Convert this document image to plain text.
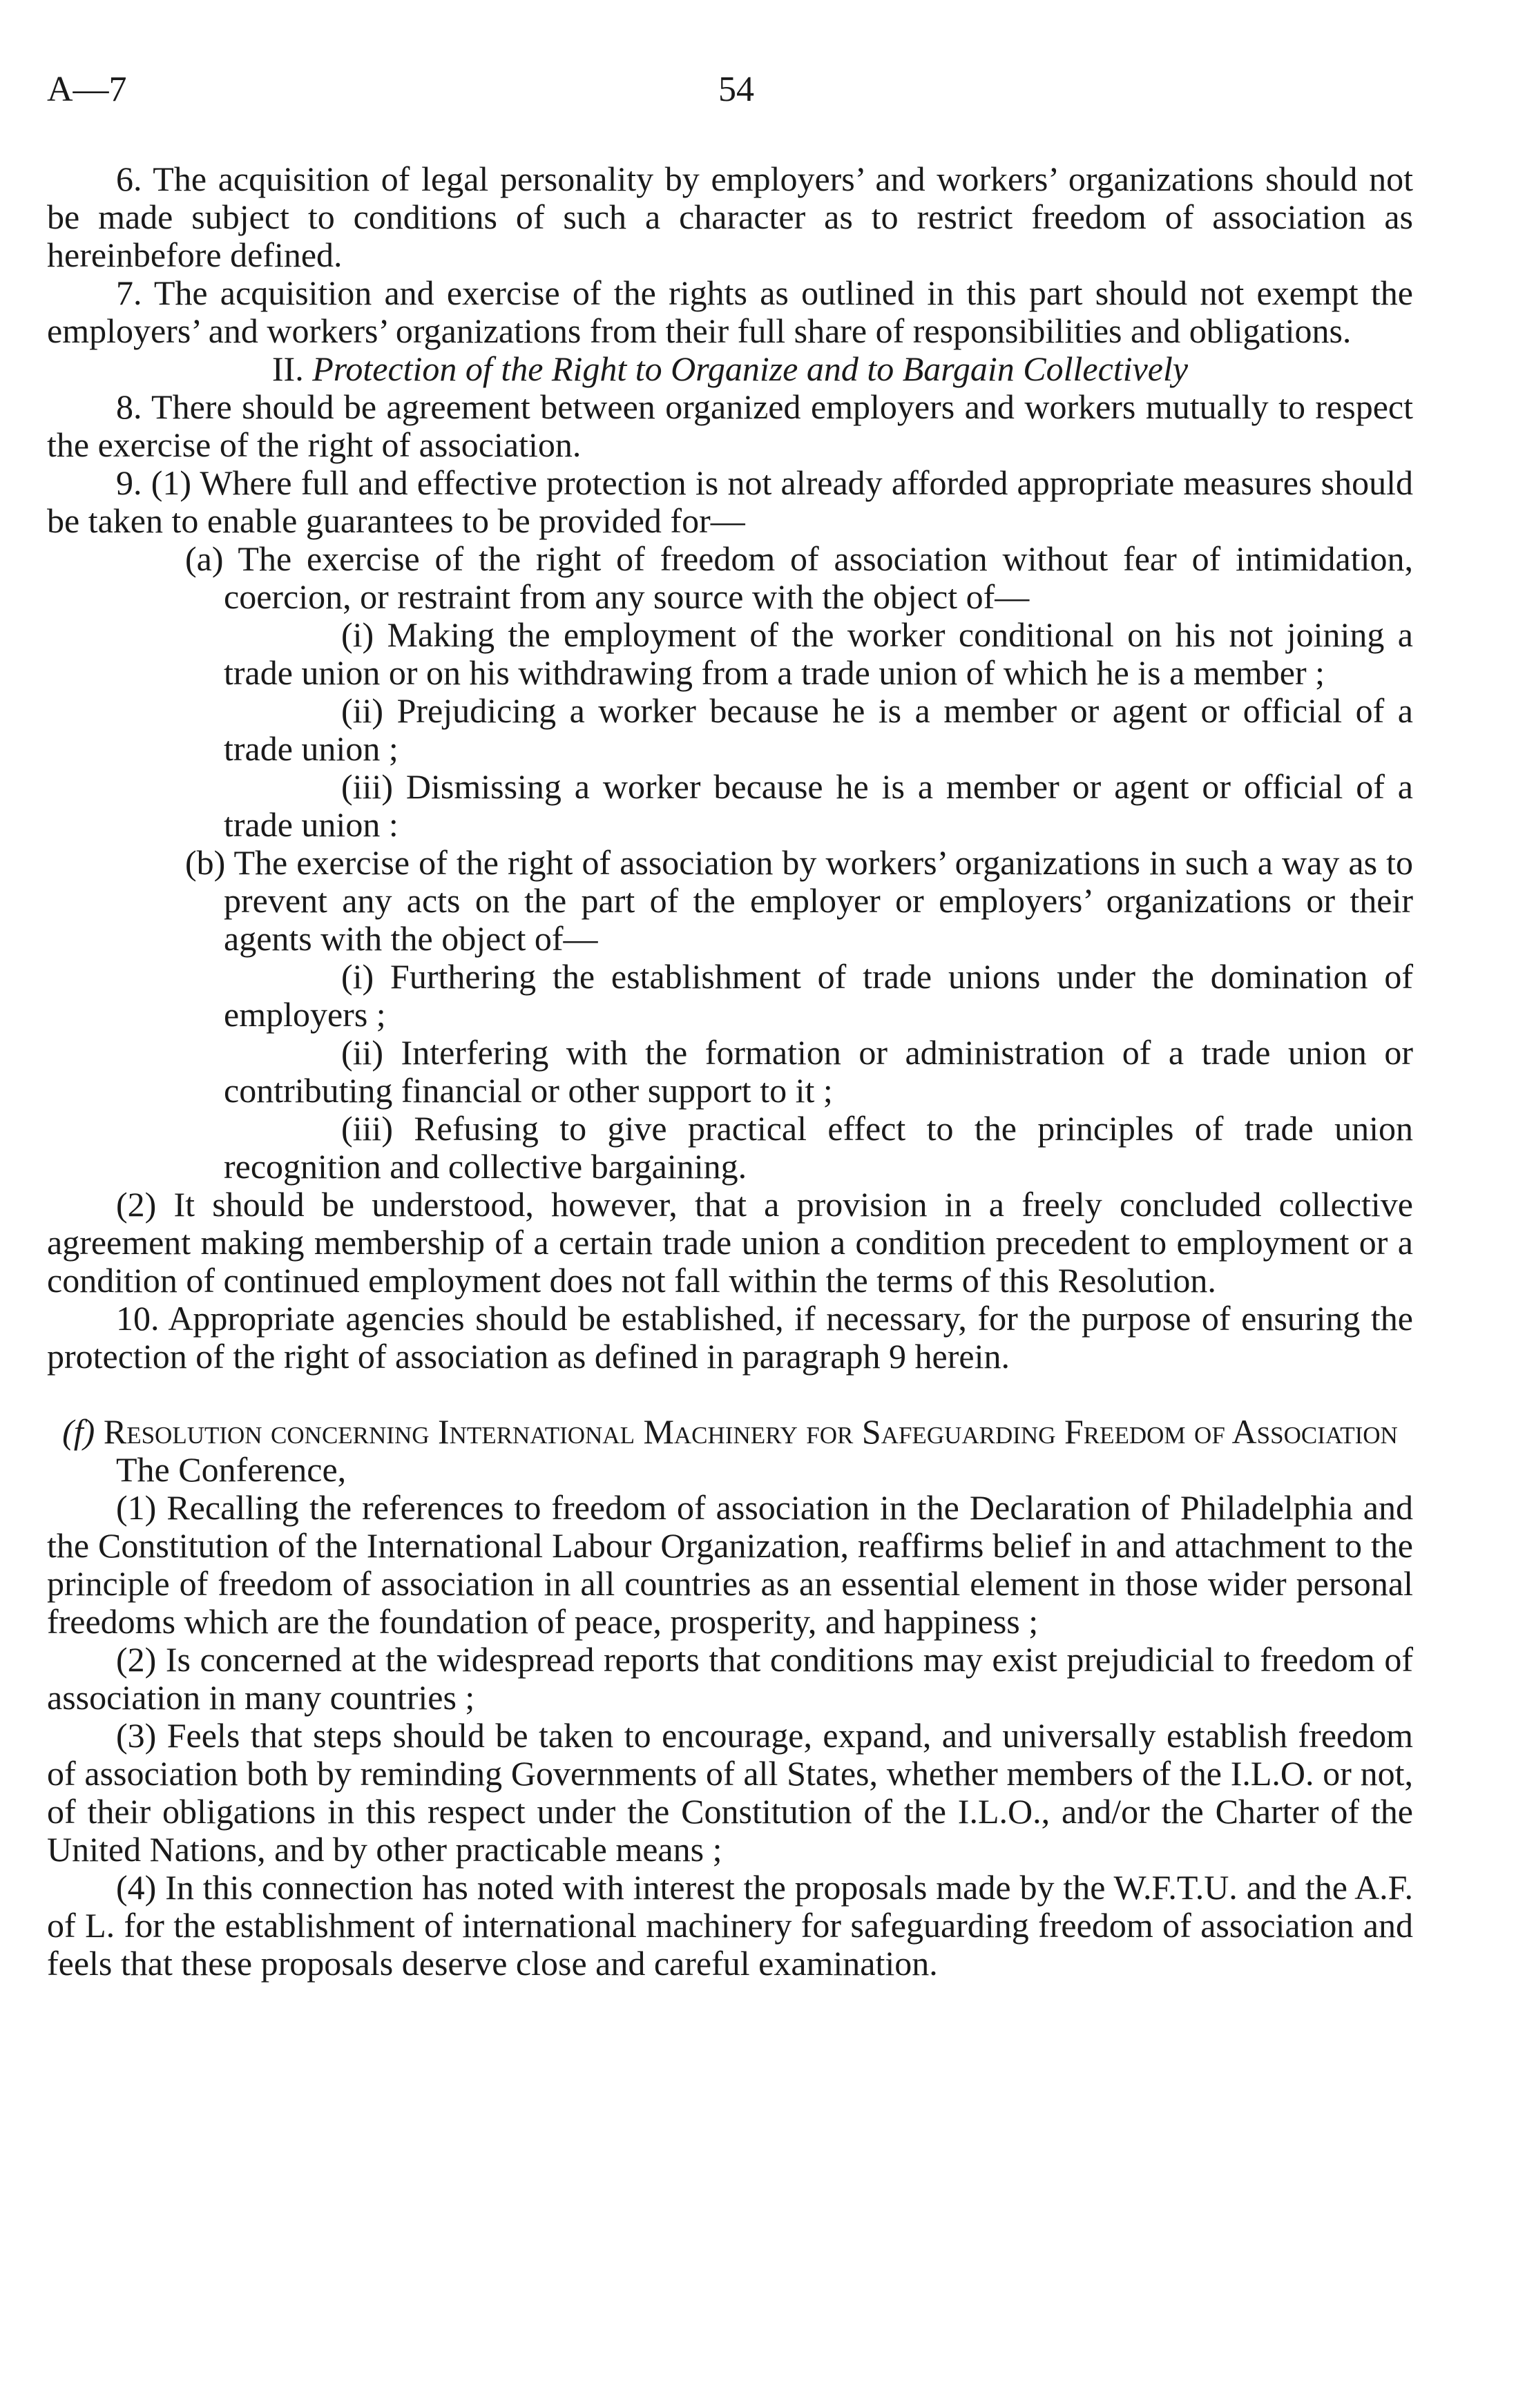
A—7	54

6. The acquisition of legal personality by employers’ and workers’ organizations should not be made subject to conditions of such a character as to restrict freedom of association as hereinbefore defined.

7. The acquisition and exercise of the rights as outlined in this part should not exempt the employers’ and workers’ organizations from their full share of responsibilities and obligations.

II. Protection of the Right to Organize and to Bargain Collectively

8. There should be agreement between organized employers and workers mutually to respect the exercise of the right of association.

9. (1) Where full and effective protection is not already afforded appropriate measures should be taken to enable guarantees to be provided for—

(a) The exercise of the right of freedom of association without fear of intimidation, coercion, or restraint from any source with the object of—

(i) Making the employment of the worker conditional on his not joining a trade union or on his withdrawing from a trade union of which he is a member ;

(ii) Prejudicing a worker because he is a member or agent or official of a trade union ;

(iii) Dismissing a worker because he is a member or agent or official of a trade union :

(b) The exercise of the right of association by workers’ organizations in such a way as to prevent any acts on the part of the employer or employers’ organizations or their agents with the object of—

(i) Furthering the establishment of trade unions under the domination of employers ;

(ii) Interfering with the formation or administration of a trade union or contributing financial or other support to it ;

(iii) Refusing to give practical effect to the principles of trade union recognition and collective bargaining.

(2) It should be understood, however, that a provision in a freely concluded collective agreement making membership of a certain trade union a condition precedent to employment or a condition of continued employment does not fall within the terms of this Resolution.

10. Appropriate agencies should be established, if necessary, for the purpose of ensuring the protection of the right of association as defined in paragraph 9 herein.

(f) Resolution concerning International Machinery for Safeguarding Freedom of Association

The Conference,

(1) Recalling the references to freedom of association in the Declaration of Philadelphia and the Constitution of the International Labour Organization, reaffirms belief in and attachment to the principle of freedom of association in all countries as an essential element in those wider personal freedoms which are the foundation of peace, prosperity, and happiness ;

(2) Is concerned at the widespread reports that conditions may exist prejudicial to freedom of association in many countries ;

(3) Feels that steps should be taken to encourage, expand, and universally establish freedom of association both by reminding Governments of all States, whether members of the I.L.O. or not, of their obligations in this respect under the Constitution of the I.L.O., and/or the Charter of the United Nations, and by other practicable means ;

(4) In this connection has noted with interest the proposals made by the W.F.T.U. and the A.F. of L. for the establishment of international machinery for safeguarding freedom of association and feels that these proposals deserve close and careful examination.
